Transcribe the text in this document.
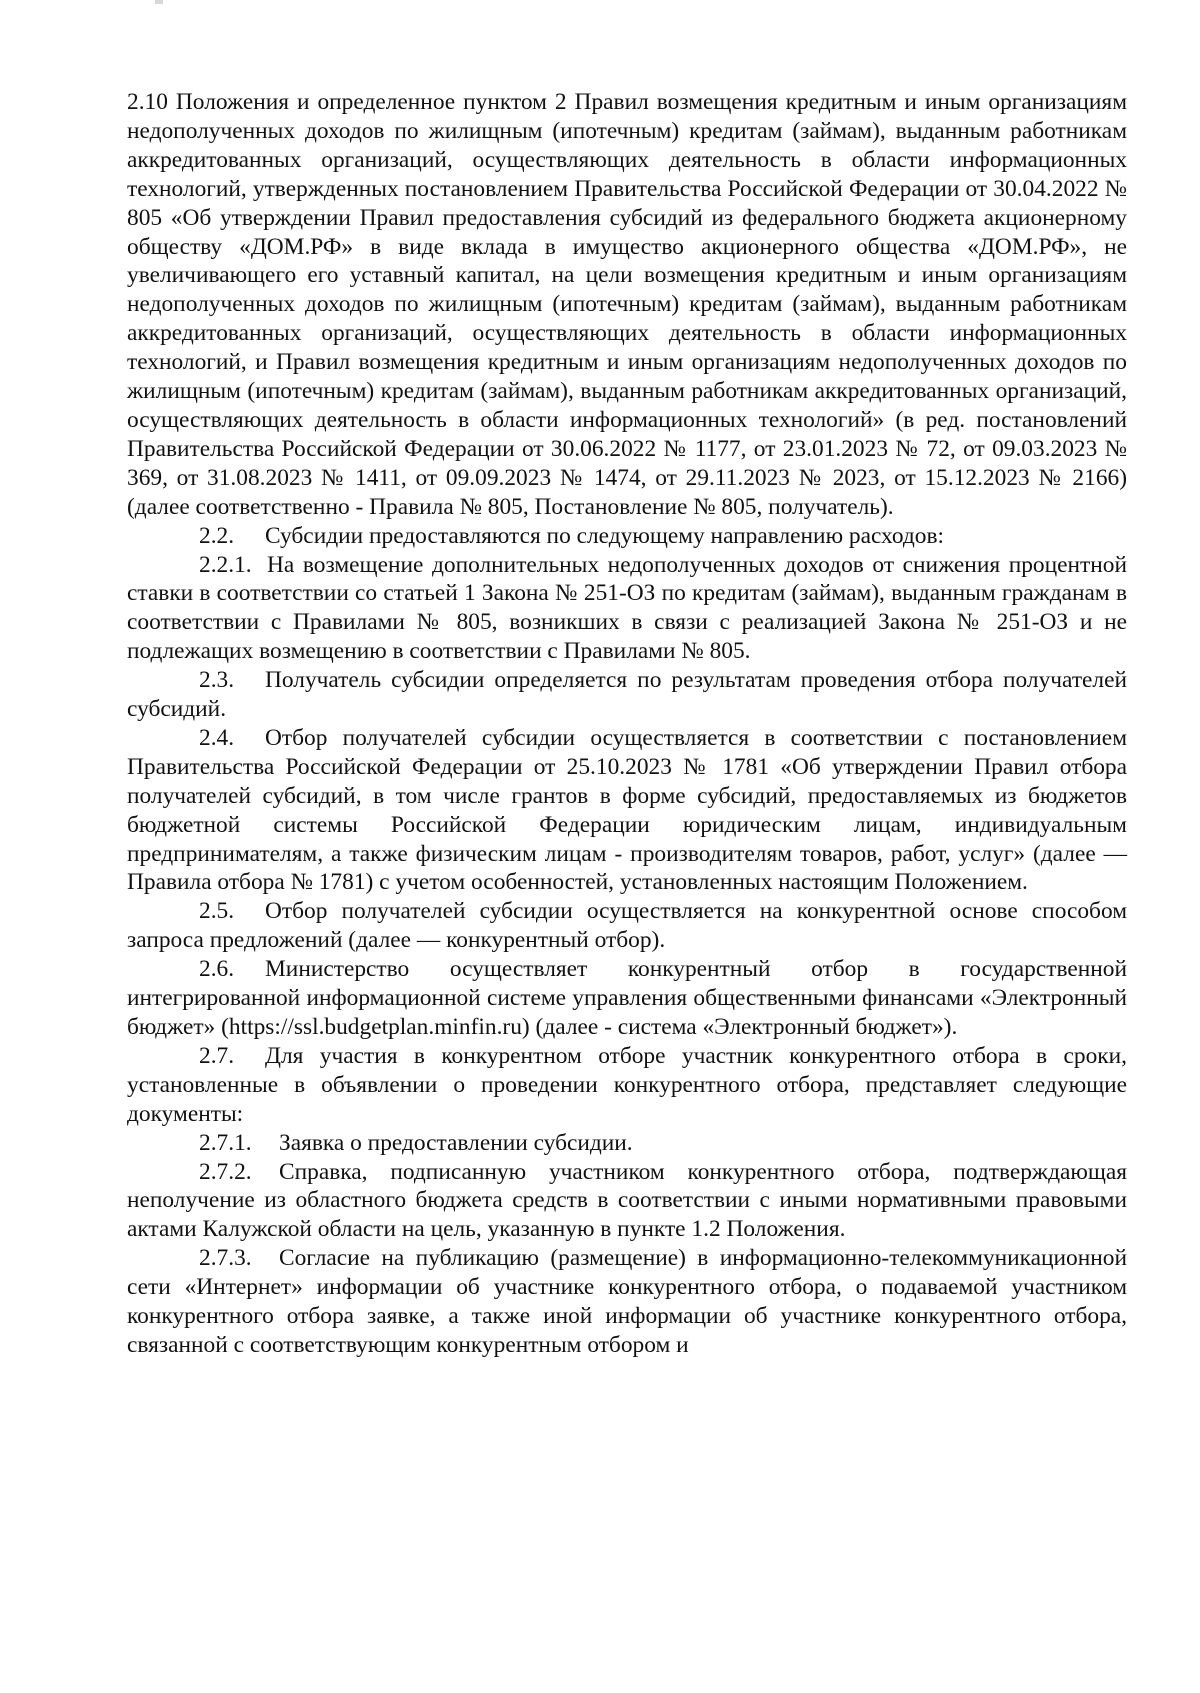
2.10 Положения и определенное пунктом 2 Правил возмещения кредитным и иным организациям недополученных доходов по жилищным (ипотечным) кредитам (займам), выданным работникам аккредитованных организаций, осуществляющих деятельность в области информационных технологий, утвержденных постановлением Правительства Российской Федерации от 30.04.2022 № 805 «Об утверждении Правил предоставления субсидий из федерального бюджета акционерному обществу «ДОМ.РФ» в виде вклада в имущество акционерного общества «ДОМ.РФ», не увеличивающего его уставный капитал, на цели возмещения кредитным и иным организациям недополученных доходов по жилищным (ипотечным) кредитам (займам), выданным работникам аккредитованных организаций, осуществляющих деятельность в области информационных технологий, и Правил возмещения кредитным и иным организациям недополученных доходов по жилищным (ипотечным) кредитам (займам), выданным работникам аккредитованных организаций, осуществляющих деятельность в области информационных технологий» (в ред. постановлений Правительства Российской Федерации от 30.06.2022 № 1177, от 23.01.2023 № 72, от 09.03.2023 № 369, от 31.08.2023 № 1411, от 09.09.2023 № 1474, от 29.11.2023 № 2023, от 15.12.2023 № 2166) (далее соответственно - Правила № 805, Постановление № 805, получатель).

2.2. Субсидии предоставляются по следующему направлению расходов:

2.2.1. На возмещение дополнительных недополученных доходов от снижения процентной ставки в соответствии со статьей 1 Закона № 251-ОЗ по кредитам (займам), выданным гражданам в соответствии с Правилами № 805, возникших в связи с реализацией Закона № 251-ОЗ и не подлежащих возмещению в соответствии с Правилами № 805.

2.3. Получатель субсидии определяется по результатам проведения отбора получателей субсидий.

2.4. Отбор получателей субсидии осуществляется в соответствии с постановлением Правительства Российской Федерации от 25.10.2023 № 1781 «Об утверждении Правил отбора получателей субсидий, в том числе грантов в форме субсидий, предоставляемых из бюджетов бюджетной системы Российской Федерации юридическим лицам, индивидуальным предпринимателям, а также физическим лицам - производителям товаров, работ, услуг» (далее — Правила отбора № 1781) с учетом особенностей, установленных настоящим Положением.

2.5. Отбор получателей субсидии осуществляется на конкурентной основе способом запроса предложений (далее — конкурентный отбор).

2.6. Министерство осуществляет конкурентный отбор в государственной интегрированной информационной системе управления общественными финансами «Электронный бюджет» (https://ssl.budgetplan.minfin.ru) (далее - система «Электронный бюджет»).

2.7. Для участия в конкурентном отборе участник конкурентного отбора в сроки, установленные в объявлении о проведении конкурентного отбора, представляет следующие документы:

2.7.1. Заявка о предоставлении субсидии.

2.7.2. Справка, подписанную участником конкурентного отбора, подтверждающая неполучение из областного бюджета средств в соответствии с иными нормативными правовыми актами Калужской области на цель, указанную в пункте 1.2 Положения.

2.7.3. Согласие на публикацию (размещение) в информационно-телекоммуникационной сети «Интернет» информации об участнике конкурентного отбора, о подаваемой участником конкурентного отбора заявке, а также иной информации об участнике конкурентного отбора, связанной с соответствующим конкурентным отбором и
